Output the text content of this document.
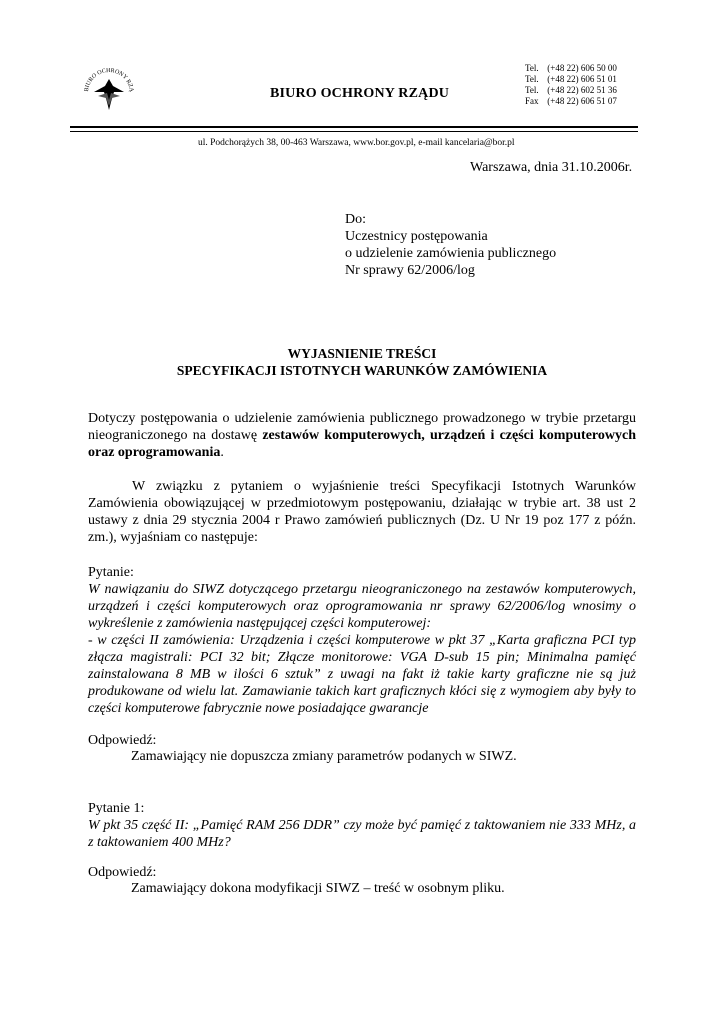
BIURO OCHRONY RZĄ	BIURO OCHRONY RZĄDU
Tel. (+48 22) 606 50 00
Tel. (+48 22) 606 51 01
Tel. (+48 22) 602 51 36
Fax (+48 22) 606 51 07
ul. Podchorążych 38, 00-463 Warszawa, www.bor.gov.pl, e-mail kancelaria@bor.pl
Warszawa, dnia 31.10.2006r.
Do:
Uczestnicy postępowania
o udzielenie zamówienia publicznego
Nr sprawy 62/2006/log
WYJASNIENIE TREŚCI
SPECYFIKACJI ISTOTNYCH WARUNKÓW ZAMÓWIENIA
Dotyczy postępowania o udzielenie zamówienia publicznego prowadzonego w trybie przetargu nieograniczonego na dostawę zestawów komputerowych, urządzeń i części komputerowych oraz oprogramowania.
W związku z pytaniem o wyjaśnienie treści Specyfikacji Istotnych Warunków Zamówienia obowiązującej w przedmiotowym postępowaniu, działając w trybie art. 38 ust 2 ustawy z dnia 29 stycznia 2004 r Prawo zamówień publicznych (Dz. U Nr 19 poz 177 z późn. zm.), wyjaśniam co następuje:
Pytanie:
W nawiązaniu do SIWZ dotyczącego przetargu nieograniczonego na zestawów komputerowych, urządzeń i części komputerowych oraz oprogramowania nr sprawy 62/2006/log wnosimy o wykreślenie z zamówienia następującej części komputerowej:
- w części II zamówienia: Urządzenia i części komputerowe w pkt 37 „Karta graficzna PCI typ złącza magistrali: PCI 32 bit; Złącze monitorowe: VGA D-sub 15 pin; Minimalna pamięć zainstalowana 8 MB w ilości 6 sztuk” z uwagi na fakt iż takie karty graficzne nie są już produkowane od wielu lat. Zamawianie takich kart graficznych kłóci się z wymogiem aby były to części komputerowe fabrycznie nowe posiadające gwarancje
Odpowiedź:
Zamawiający nie dopuszcza zmiany parametrów podanych w SIWZ.
Pytanie 1:
W pkt 35 część II: „Pamięć RAM 256 DDR” czy może być pamięć z taktowaniem nie 333 MHz, a z taktowaniem 400 MHz?
Odpowiedź:
Zamawiający dokona modyfikacji SIWZ – treść w osobnym pliku.
